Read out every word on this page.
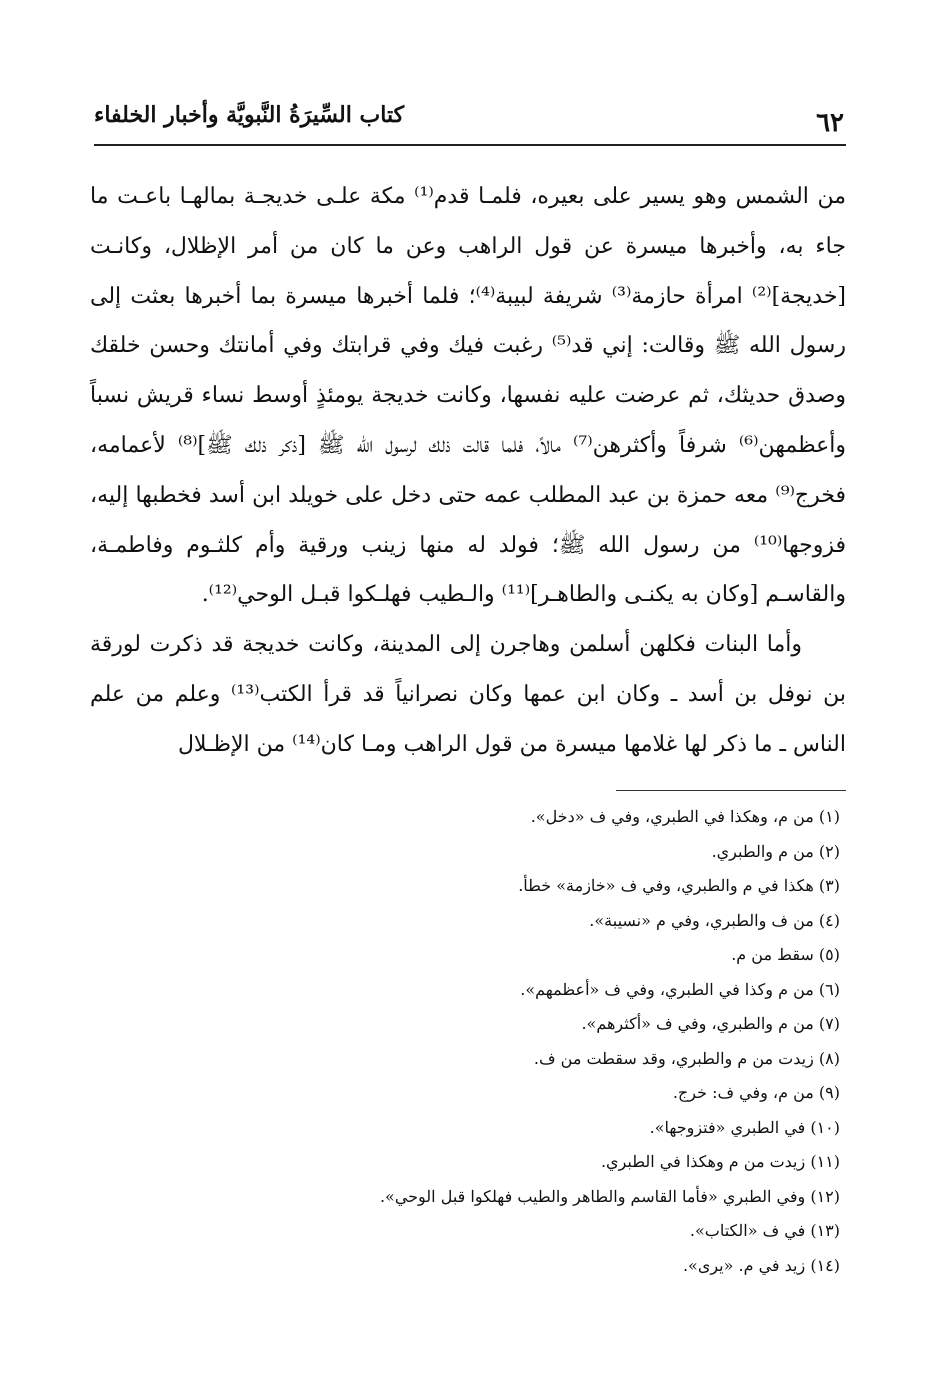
٦٢
كتاب السِّيرَةُ النَّبويَّة وأخبار الخلفاء

من الشمس وهو يسير على بعيره، فلمـا قدم⁽¹⁾ مكة علـى خديجـة بمالهـا باعـت ما جاء به، وأخبرها ميسرة عن قول الراهب وعن ما كان من أمر الإظلال، وكانـت [خديجة]⁽²⁾ امرأة حازمة⁽³⁾ شريفة لبيبة⁽⁴⁾؛ فلما أخبرها ميسرة بما أخبرها بعثت إلى رسول الله ﷺ وقالت: إني قد⁽⁵⁾ رغبت فيك وفي قرابتك وفي أمانتك وحسن خلقك وصدق حديثك، ثم عرضت عليه نفسها، وكانت خديجة يومئذٍ أوسط نساء قريش نسباً وأعظمهن⁽⁶⁾ شرفاً وأكثرهن⁽⁷⁾ مالاً، فلما قالت ذلك لرسول الله ﷺ [ذكر ذلك ﷺ]⁽⁸⁾ لأعمامه، فخرج⁽⁹⁾ معه حمزة بن عبد المطلب عمه حتى دخل على خويلد ابن أسد فخطبها إليه، فزوجها⁽¹⁰⁾ من رسول الله ﷺ؛ فولد له منها زينب ورقية وأم كلثـوم وفاطمـة، والقاسـم [وكان به يكنـى والطاهـر]⁽¹¹⁾ والـطيب فهلـكوا قبـل الوحي⁽¹²⁾.

وأما البنات فكلهن أسلمن وهاجرن إلى المدينة، وكانت خديجة قد ذكرت لورقة بن نوفل بن أسد ـ وكان ابن عمها وكان نصرانياً قد قرأ الكتب⁽¹³⁾ وعلم من علم الناس ـ ما ذكر لها غلامها ميسرة من قول الراهب ومـا كان⁽¹⁴⁾ من الإظـلال

(١) من م، وهكذا في الطبري، وفي ف «دخل».
(٢) من م والطبري.
(٣) هكذا في م والطبري، وفي ف «خازمة» خطأ.
(٤) من ف والطبري، وفي م «نسيبة».
(٥) سقط من م.
(٦) من م وكذا في الطبري، وفي ف «أعظمهم».
(٧) من م والطبري، وفي ف «أكثرهم».
(٨) زيدت من م والطبري، وقد سقطت من ف.
(٩) من م، وفي ف: خرج.
(١٠) في الطبري «فتزوجها».
(١١) زيدت من م وهكذا في الطبري.
(١٢) وفي الطبري «فأما القاسم والطاهر والطيب فهلكوا قبل الوحي».
(١٣) في ف «الكتاب».
(١٤) زيد في م. «يرى».
